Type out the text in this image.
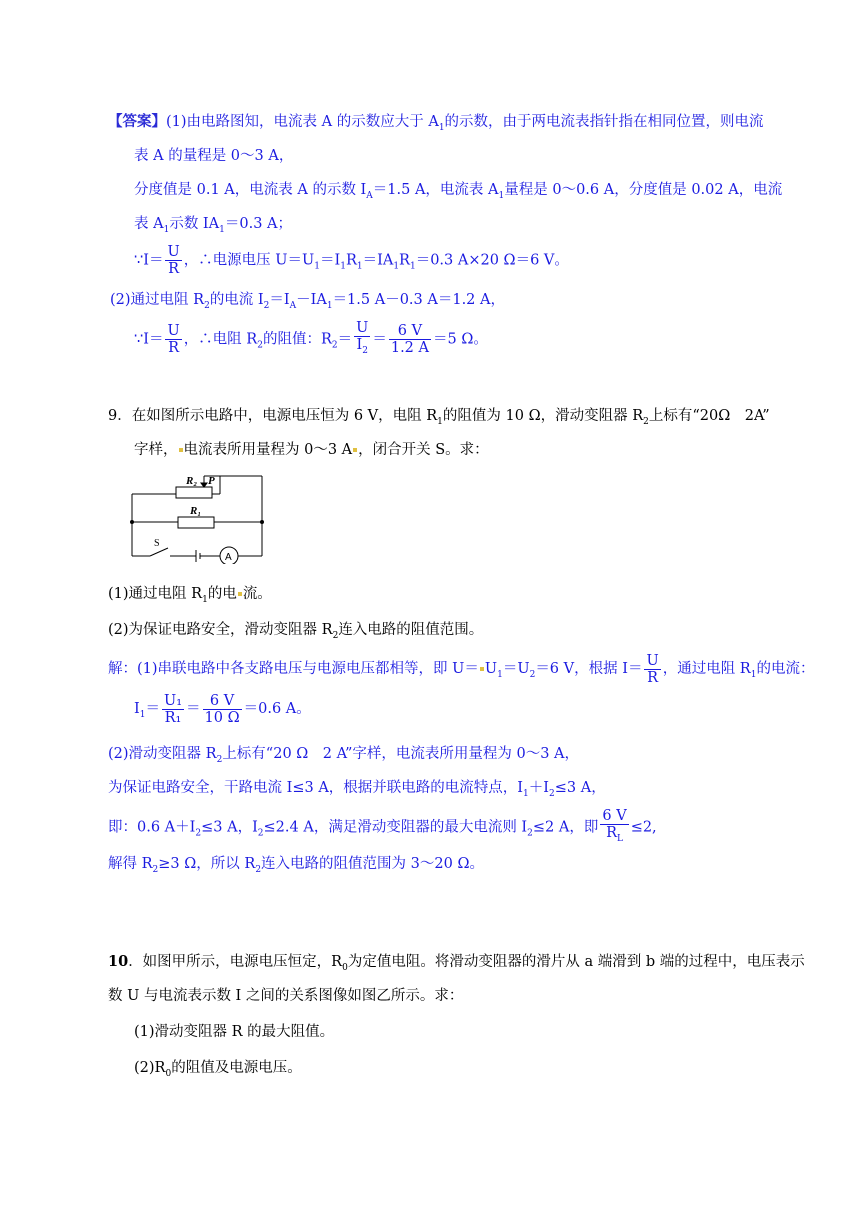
【答案】(1)由电路图知，电流表 A 的示数应大于 $A_1$的示数，由于两电流表指针指在相同位置，则电流
表 A 的量程是 0～3 A，
分度值是 0.1 A，电流表 A 的示数 $I_A=1.5$ A，电流表 $A_1$量程是 0～0.6 A，分度值是 0.02 A，电流
表 $A_1$示数 $IA_1=0.3$ A；
∵I＝ $\frac{U}{R}$ ，∴电源电压 $U=U_1=I_1R_1=IA_1R_1=0.3$ A×20 Ω＝6 V。
(2)通过电阻 $R_2$的电流 $I_2=I_A-IA_1=1.5$ A－0.3 A＝1.2 A，
∵I＝ $\frac{U}{R}$ ，∴电阻 $R_2$的阻值：$R_2= \frac{U}{I_2} = \frac{6 V}{1.2 A} =5$ Ω。
9．在如图所示电路中，电源电压恒为 6 V，电阻 $R_1$的阻值为 10 Ω，滑动变阻器 $R_2$上标有“20Ω　2A”
字样， 电流表所用量程为 0～3 A ，闭合开关 S。求：
R₂ P
R₁
S
A
(1)通过电阻 $R_1$的电 流。
(2)为保证电路安全，滑动变阻器 $R_2$连入电路的阻值范围。
解：(1)串联电路中各支路电压与电源电压都相等，即 $U= U_1=U_2=6$ V，根据 $I= \frac{U}{R}$ ，通过电阻 $R_1$的电流：
$I_1= \frac{\text{U₁}}{\text{R₁}} = \frac{6 V}{10 \Omega} =0.6$ A。
(2)滑动变阻器 $R_2$上标有“20 Ω　2 A”字样，电流表所用量程为 0～3 A，
为保证电路安全，干路电流 I≤3 A，根据并联电路的电流特点，$I_1+I_2\le 3$ A，
即：0.6 $A+I_2\le 3$ A，$I_2\le 2.4$ A，满足滑动变阻器的最大电流则 $I_2\le 2$ A，即 $\frac{6 V}{R_L} \le 2$,
解得 $R_2\ge 3$ Ω，所以 $R_2$连入电路的阻值范围为 3～20 Ω。
10．如图甲所示，电源电压恒定，$R_0$为定值电阻。将滑动变阻器的滑片从 a 端滑到 b 端的过程中，电压表示
数 U 与电流表示数 I 之间的关系图像如图乙所示。求：
(1)滑动变阻器 R 的最大阻值。
$(2)R_0$的阻值及电源电压。
